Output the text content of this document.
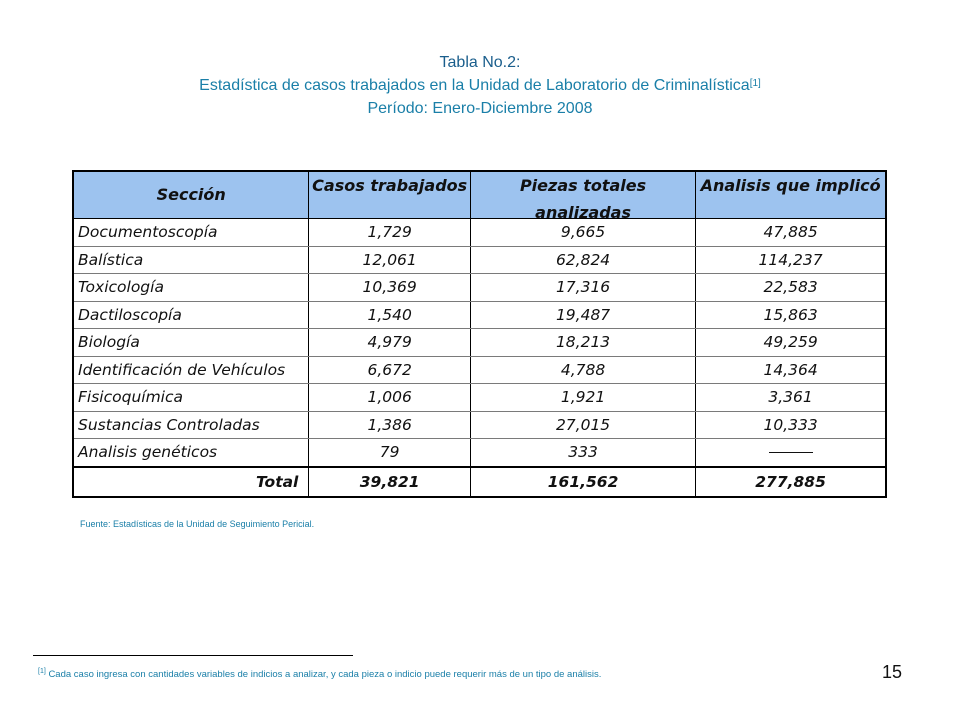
Tabla No.2:
Estadística de casos trabajados en la Unidad de Laboratorio de Criminalística[1]
Período: Enero-Diciembre 2008
Sección	Casos trabajados	Piezas totales analizadas	Analisis que implicó

Documentoscopía	1,729	9,665	47,885
Balística	12,061	62,824	114,237
Toxicología	10,369	17,316	22,583
Dactiloscopía	1,540	19,487	15,863
Biología	4,979	18,213	49,259
Identificación de Vehículos	6,672	4,788	14,364
Fisicoquímica	1,006	1,921	3,361
Sustancias Controladas	1,386	27,015	10,333
Analisis genéticos	79	333	
Total	39,821	161,562	277,885
Fuente: Estadísticas de la Unidad de Seguimiento Pericial.
[1] Cada caso ingresa con cantidades variables de indicios a analizar, y cada pieza o indicio puede requerir más de un tipo de análisis.	15
